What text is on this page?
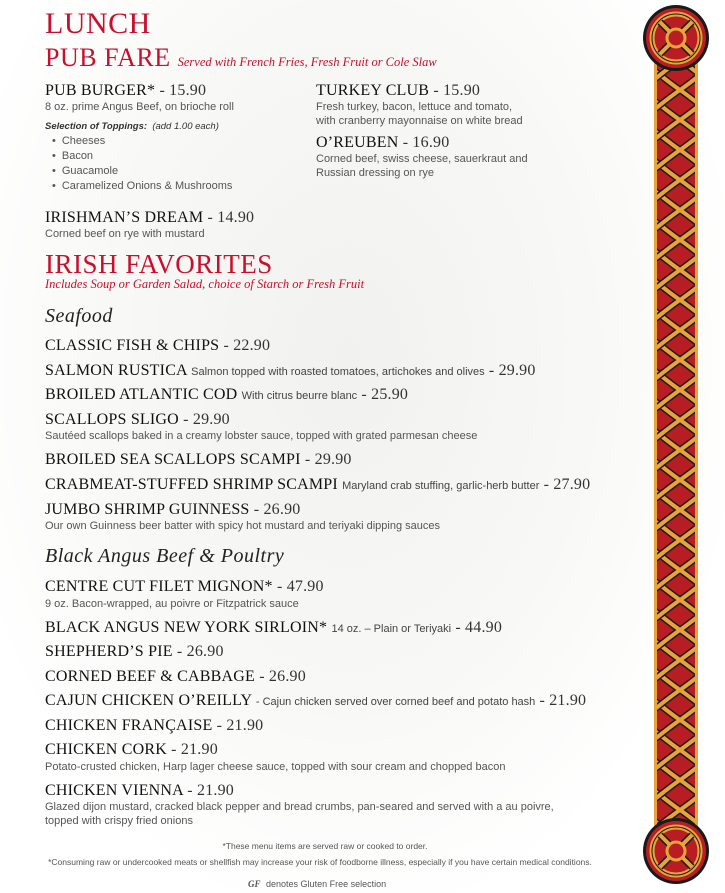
LUNCH
PUB FARE Served with French Fries, Fresh Fruit or Cole Slaw
PUB BURGER* - 15.90
8 oz. prime Angus Beef, on brioche roll
Selection of Toppings: (add 1.00 each)
• Cheeses
• Bacon
• Guacamole
• Caramelized Onions & Mushrooms
TURKEY CLUB - 15.90
Fresh turkey, bacon, lettuce and tomato,
with cranberry mayonnaise on white bread
O’REUBEN - 16.90
Corned beef, swiss cheese, sauerkraut and
Russian dressing on rye
IRISHMAN’S DREAM - 14.90
Corned beef on rye with mustard
IRISH FAVORITES
Includes Soup or Garden Salad, choice of Starch or Fresh Fruit
Seafood
CLASSIC FISH & CHIPS - 22.90
SALMON RUSTICA Salmon topped with roasted tomatoes, artichokes and olives - 29.90
BROILED ATLANTIC COD With citrus beurre blanc - 25.90
SCALLOPS SLIGO - 29.90
Sautéed scallops baked in a creamy lobster sauce, topped with grated parmesan cheese
BROILED SEA SCALLOPS SCAMPI - 29.90
CRABMEAT-STUFFED SHRIMP SCAMPI Maryland crab stuffing, garlic-herb butter - 27.90
JUMBO SHRIMP GUINNESS - 26.90
Our own Guinness beer batter with spicy hot mustard and teriyaki dipping sauces
Black Angus Beef & Poultry
CENTRE CUT FILET MIGNON* - 47.90
9 oz. Bacon-wrapped, au poivre or Fitzpatrick sauce
BLACK ANGUS NEW YORK SIRLOIN* 14 oz. – Plain or Teriyaki - 44.90
SHEPHERD’S PIE - 26.90
CORNED BEEF & CABBAGE - 26.90
CAJUN CHICKEN O’REILLY - Cajun chicken served over corned beef and potato hash - 21.90
CHICKEN FRANÇAISE - 21.90
CHICKEN CORK - 21.90
Potato-crusted chicken, Harp lager cheese sauce, topped with sour cream and chopped bacon
CHICKEN VIENNA - 21.90
Glazed dijon mustard, cracked black pepper and bread crumbs, pan-seared and served with a au poivre,
topped with crispy fried onions
*These menu items are served raw or cooked to order.
*Consuming raw or undercooked meats or shellfish may increase your risk of foodborne illness, especially if you have certain medical conditions.
GF denotes Gluten Free selection
